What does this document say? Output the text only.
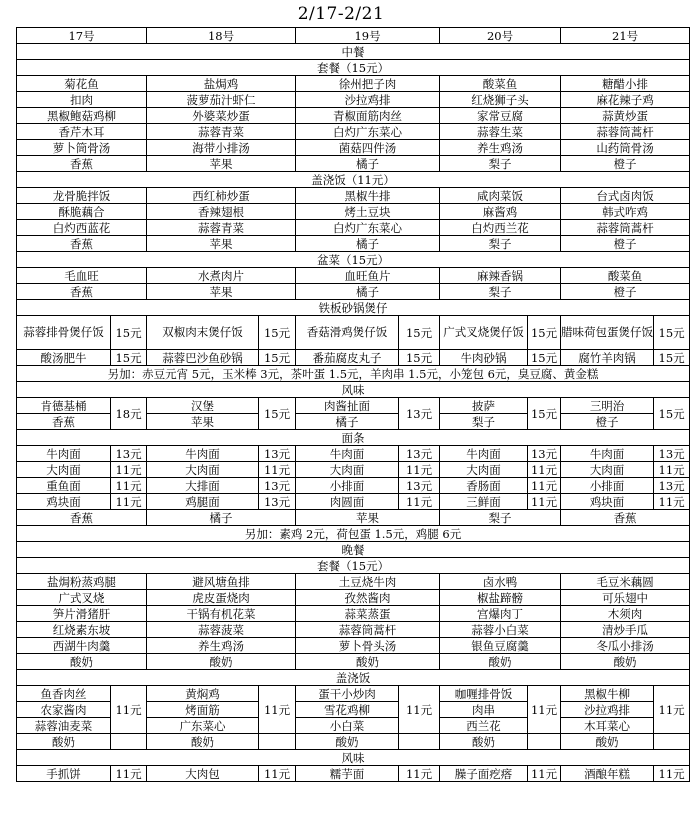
2/17-2/21
17号		18号		19号		20号		21号	
中餐									
套餐（15元）									
菊花鱼		盐焗鸡		徐州把子肉		酸菜鱼		糖醋小排	
扣肉		菠萝茄汁虾仁		沙拉鸡排		红烧狮子头		麻花辣子鸡	
黑椒鲍菇鸡柳		外婆菜炒蛋		青椒面筋肉丝		家常豆腐		蒜黄炒蛋	
香芹木耳		蒜蓉青菜		白灼广东菜心		蒜蓉生菜		蒜蓉筒蒿杆	
萝卜筒骨汤		海带小排汤		菌菇四件汤		养生鸡汤		山药筒骨汤	
香蕉		苹果		橘子		梨子		橙子	
盖浇饭（11元）									
龙骨脆拌饭		西红柿炒蛋		黑椒牛排		咸肉菜饭		台式卤肉饭	
酥脆藕合		香辣翅根		烤土豆块		麻酱鸡		韩式咋鸡	
白灼西蓝花		蒜蓉青菜		白灼广东菜心		白灼西兰花		蒜蓉筒蒿杆	
香蕉		苹果		橘子		梨子		橙子	
盆菜（15元）									
毛血旺		水煮肉片		血旺鱼片		麻辣香锅		酸菜鱼	
香蕉		苹果		橘子		梨子		橙子	
铁板砂锅煲仔									
蒜蓉排骨煲仔饭	15元	双椒肉末煲仔饭	15元	香菇滑鸡煲仔饭	15元	广式叉烧煲仔饭	15元	腊味荷包蛋煲仔饭	15元
酸汤肥牛	15元	蒜蓉巴沙鱼砂锅	15元	番茄腐皮丸子	15元	牛肉砂锅	15元	腐竹羊肉锅	15元
另加：赤豆元宵 5元，玉米棒 3元，茶叶蛋 1.5元，羊肉串 1.5元，小笼包 6元，臭豆腐、黄金糕									
风味									
肯德基桶	18元	汉堡	15元	肉酱扯面	13元	披萨	15元	三明治	15元
香蕉		苹果		橘子		梨子		橙子	
面条									
牛肉面	13元	牛肉面	13元	牛肉面	13元	牛肉面	13元	牛肉面	13元
大肉面	11元	大肉面	11元	大肉面	11元	大肉面	11元	大肉面	11元
重鱼面	11元	大排面	13元	小排面	13元	香肠面	11元	小排面	13元
鸡块面	11元	鸡腿面	13元	肉圆面	11元	三鲜面	11元	鸡块面	11元
香蕉		橘子		苹果		梨子		香蕉	
另加：素鸡 2元，荷包蛋 1.5元，鸡腿 6元									
晚餐									
套餐（15元）									
盐焗粉蒸鸡腿		避风塘鱼排		土豆烧牛肉		卤水鸭		毛豆米藕圆	
广式叉烧		虎皮蛋烧肉		孜然酱肉		椒盐蹄髈		可乐翅中	
笋片滑猪肝		干锅有机花菜		蒜菜蒸蛋		宫爆肉丁		木须肉	
红烧素东坡		蒜蓉菠菜		蒜蓉筒蒿杆		蒜蓉小白菜		清炒手瓜	
西湖牛肉羹		养生鸡汤		萝卜骨头汤		银鱼豆腐羹		冬瓜小排汤	
酸奶		酸奶		酸奶		酸奶		酸奶	
盖浇饭									
鱼香肉丝	11元	黄焖鸡	11元	蛋干小炒肉	11元	咖喱排骨饭	11元	黑椒牛柳	11元
农家酱肉		烤面筋		雪花鸡柳		肉串		沙拉鸡排	
蒜蓉油麦菜		广东菜心		小白菜		西兰花		木耳菜心	
酸奶		酸奶		酸奶		酸奶		酸奶	
风味									
手抓饼	11元	大肉包	11元	糯芋面	11元	臊子面疙瘩	11元	酒酿年糕	11元
